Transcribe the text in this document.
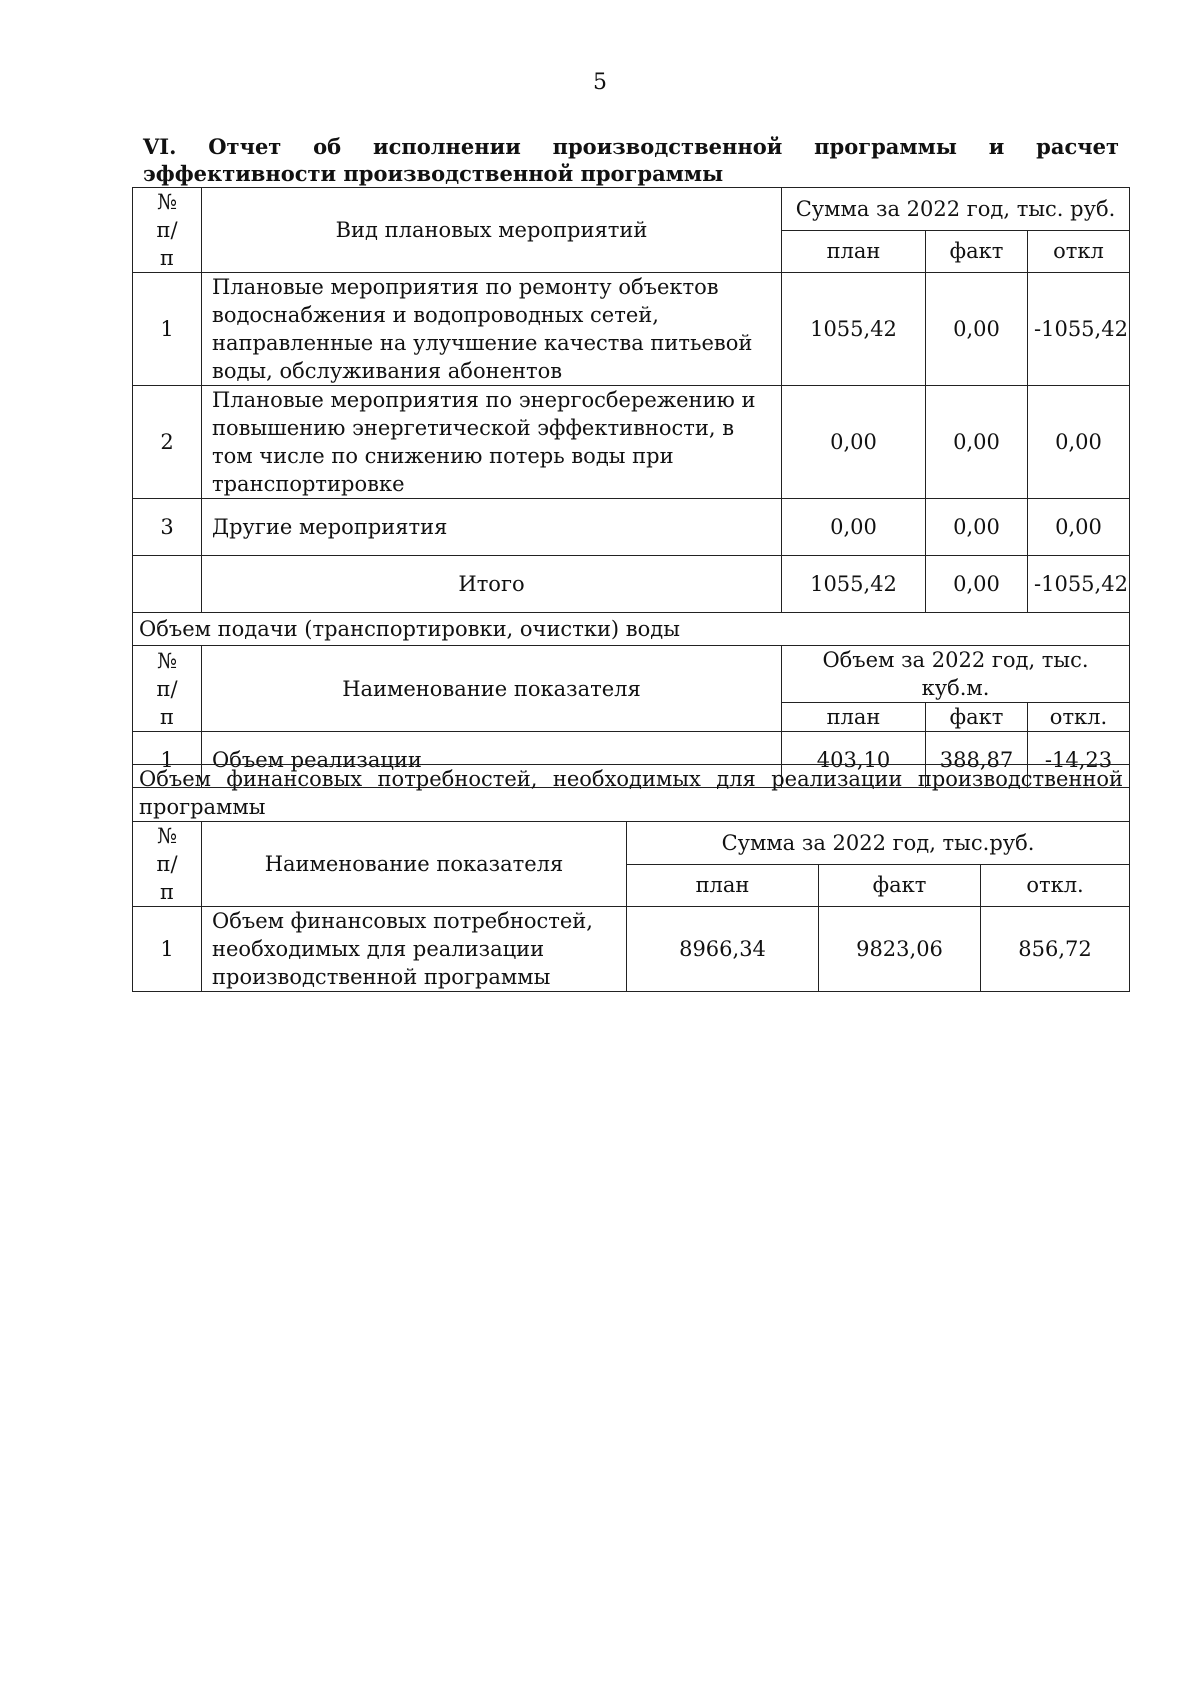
5
VI. Отчет об исполнении производственной программы и расчет эффективности производственной программы
№ п/п	Вид плановых мероприятий	Сумма за 2022 год, тыс. руб.		
		план	факт	откл
1	Плановые мероприятия по ремонту объектов водоснабжения и водопроводных сетей, направленные на улучшение качества питьевой воды, обслуживания абонентов	1055,42	0,00	-1055,42
2	Плановые мероприятия по энергосбережению и повышению энергетической эффективности, в том числе по снижению потерь воды при транспортировке	0,00	0,00	0,00
3	Другие мероприятия	0,00	0,00	0,00
	Итого	1055,42	0,00	-1055,42
Объем подачи (транспортировки, очистки) воды				
№ п/п	Наименование показателя	Объем за 2022 год, тыс. куб.м.		
		план	факт	откл.
1	Объем реализации	403,10	388,87	-14,23
Объем финансовых потребностей, необходимых для реализации производственной программы				
№ п/п	Наименование показателя	Сумма за 2022 год, тыс.руб.		
		план	факт	откл.
1	Объем финансовых потребностей, необходимых для реализации производственной программы	8966,34	9823,06	856,72
